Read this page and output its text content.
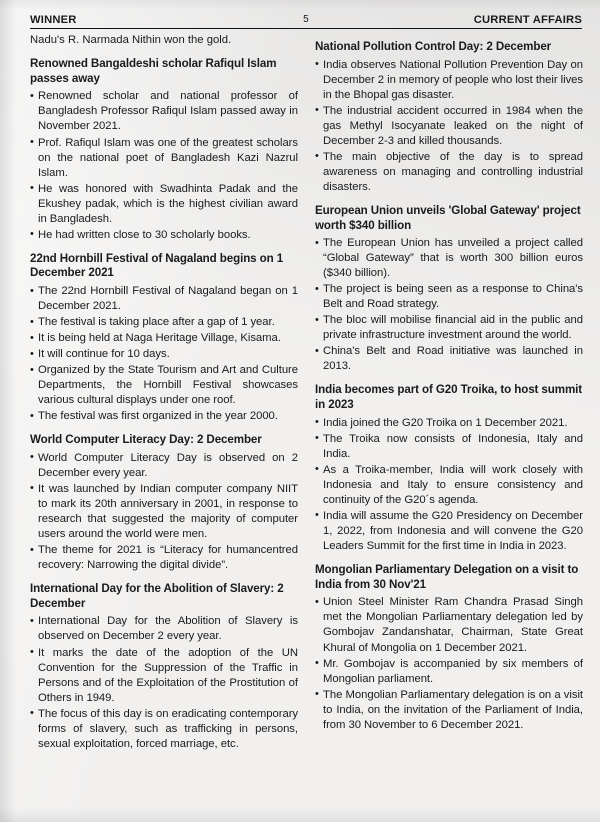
WINNER	5	CURRENT AFFAIRS

Nadu's R. Narmada Nithin won the gold.

Renowned Bangaldeshi scholar Rafiqul Islam passes away

• Renowned scholar and national professor of Bangladesh Professor Rafiqul Islam passed away in November 2021.

• Prof. Rafiqul Islam was one of the greatest scholars on the national poet of Bangladesh Kazi Nazrul Islam.

• He was honored with Swadhinta Padak and the Ekushey padak, which is the highest civilian award in Bangladesh.

• He had written close to 30 scholarly books.

22nd Hornbill Festival of Nagaland begins on 1 December 2021

• The 22nd Hornbill Festival of Nagaland began on 1 December 2021.

• The festival is taking place after a gap of 1 year.

• It is being held at Naga Heritage Village, Kisama.

• It will continue for 10 days.

• Organized by the State Tourism and Art and Culture Departments, the Hornbill Festival showcases various cultural displays under one roof.

• The festival was first organized in the year 2000.

World Computer Literacy Day: 2 December

• World Computer Literacy Day is observed on 2 December every year.

• It was launched by Indian computer company NIIT to mark its 20th anniversary in 2001, in response to research that suggested the majority of computer users around the world were men.

• The theme for 2021 is “Literacy for humancentred recovery: Narrowing the digital divide”.

International Day for the Abolition of Slavery: 2 December

• International Day for the Abolition of Slavery is observed on December 2 every year.

• It marks the date of the adoption of the UN Convention for the Suppression of the Traffic in Persons and of the Exploitation of the Prostitution of Others in 1949.

• The focus of this day is on eradicating contemporary forms of slavery, such as trafficking in persons, sexual exploitation, forced marriage, etc.

National Pollution Control Day: 2 December

• India observes National Pollution Prevention Day on December 2 in memory of people who lost their lives in the Bhopal gas disaster.

• The industrial accident occurred in 1984 when the gas Methyl Isocyanate leaked on the night of December 2-3 and killed thousands.

• The main objective of the day is to spread awareness on managing and controlling industrial disasters.

European Union unveils 'Global Gateway' project worth $340 billion

• The European Union has unveiled a project called “Global Gateway” that is worth 300 billion euros ($340 billion).

• The project is being seen as a response to China's Belt and Road strategy.

• The bloc will mobilise financial aid in the public and private infrastructure investment around the world.

• China's Belt and Road initiative was launched in 2013.

India becomes part of G20 Troika, to host summit in 2023

• India joined the G20 Troika on 1 December 2021.

• The Troika now consists of Indonesia, Italy and India.

• As a Troika-member, India will work closely with Indonesia and Italy to ensure consistency and continuity of the G20´s agenda.

• India will assume the G20 Presidency on December 1, 2022, from Indonesia and will convene the G20 Leaders Summit for the first time in India in 2023.

Mongolian Parliamentary Delegation on a visit to India from 30 Nov'21

• Union Steel Minister Ram Chandra Prasad Singh met the Mongolian Parliamentary delegation led by Gombojav Zandanshatar, Chairman, State Great Khural of Mongolia on 1 December 2021.

• Mr. Gombojav is accompanied by six members of Mongolian parliament.

• The Mongolian Parliamentary delegation is on a visit to India, on the invitation of the Parliament of India, from 30 November to 6 December 2021.
